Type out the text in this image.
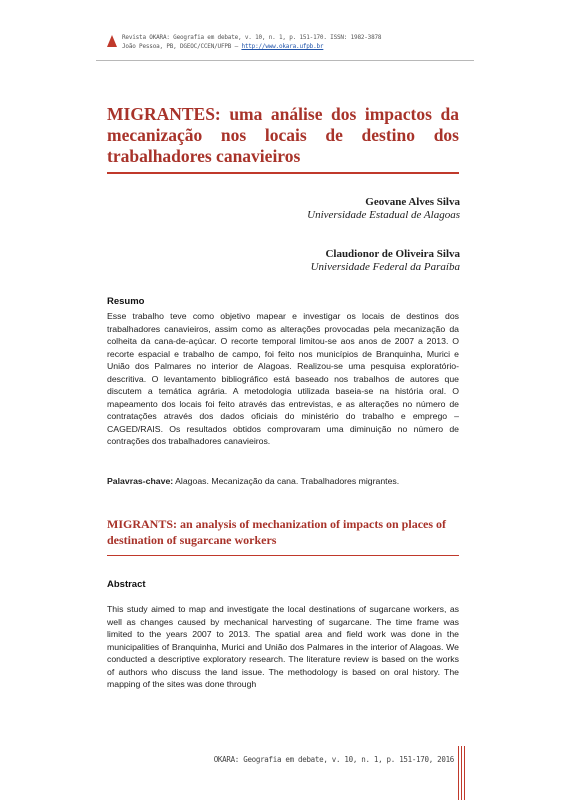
Revista OKARA: Geografia em debate, v. 10, n. 1, p. 151-170. ISSN: 1982-3878
João Pessoa, PB, DGEOC/CCEN/UFPB – http://www.okara.ufpb.br
MIGRANTES: uma análise dos impactos da mecanização nos locais de destino dos trabalhadores canavieiros
Geovane Alves Silva
Universidade Estadual de Alagoas
Claudionor de Oliveira Silva
Universidade Federal da Paraíba
Resumo

Esse trabalho teve como objetivo mapear e investigar os locais de destinos dos trabalhadores canavieiros, assim como as alterações provocadas pela mecanização da colheita da cana-de-açúcar. O recorte temporal limitou-se aos anos de 2007 a 2013. O recorte espacial e trabalho de campo, foi feito nos municípios de Branquinha, Murici e União dos Palmares no interior de Alagoas. Realizou-se uma pesquisa exploratório-descritiva. O levantamento bibliográfico está baseado nos trabalhos de autores que discutem a temática agrária. A metodologia utilizada baseia-se na história oral. O mapeamento dos locais foi feito através das entrevistas, e as alterações no número de contratações através dos dados oficiais do ministério do trabalho e emprego – CAGED/RAIS. Os resultados obtidos comprovaram uma diminuição no número de contrações dos trabalhadores canavieiros.

Palavras-chave: Alagoas. Mecanização da cana. Trabalhadores migrantes.
MIGRANTS: an analysis of mechanization of impacts on places of destination of sugarcane workers
Abstract

This study aimed to map and investigate the local destinations of sugarcane workers, as well as changes caused by mechanical harvesting of sugarcane. The time frame was limited to the years 2007 to 2013. The spatial area and field work was done in the municipalities of Branquinha, Murici and União dos Palmares in the interior of Alagoas. We conducted a descriptive exploratory research. The literature review is based on the works of authors who discuss the land issue. The methodology is based on oral history. The mapping of the sites was done through

OKARA: Geografia em debate, v. 10, n. 1, p. 151-170, 2016
